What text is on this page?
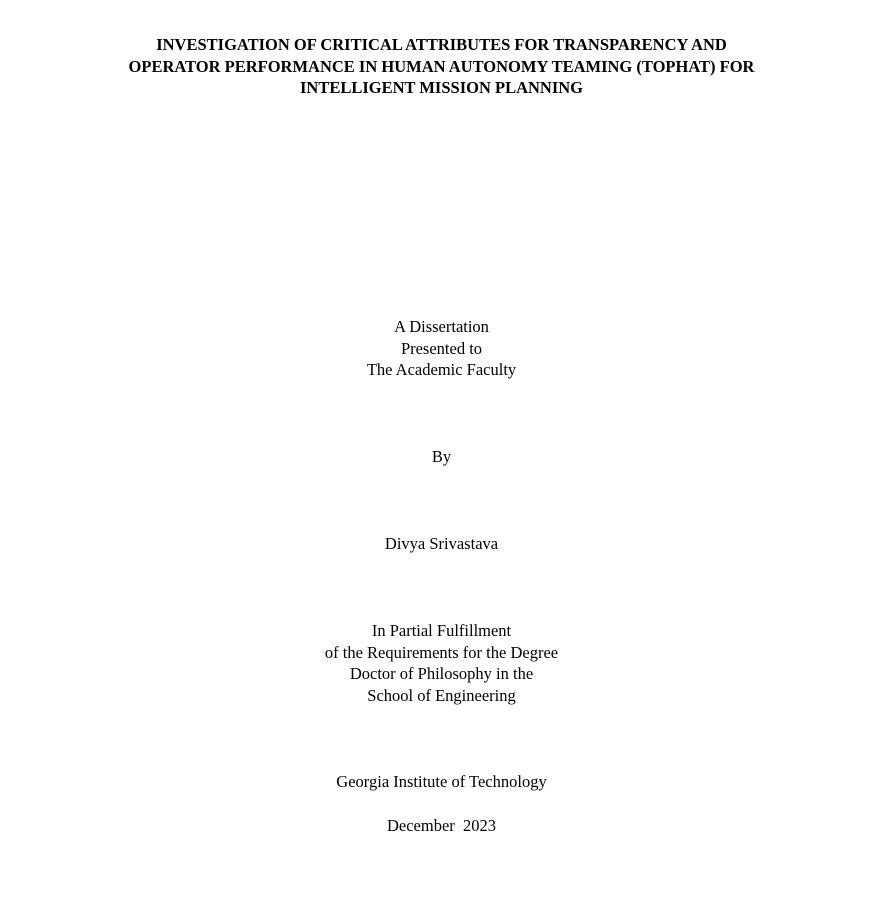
INVESTIGATION OF CRITICAL ATTRIBUTES FOR TRANSPARENCY AND
OPERATOR PERFORMANCE IN HUMAN AUTONOMY TEAMING (TOPHAT) FOR
INTELLIGENT MISSION PLANNING
A Dissertation
Presented to
The Academic Faculty
By
Divya Srivastava
In Partial Fulfillment
of the Requirements for the Degree
Doctor of Philosophy in the
School of Engineering
Georgia Institute of Technology
December  2023
